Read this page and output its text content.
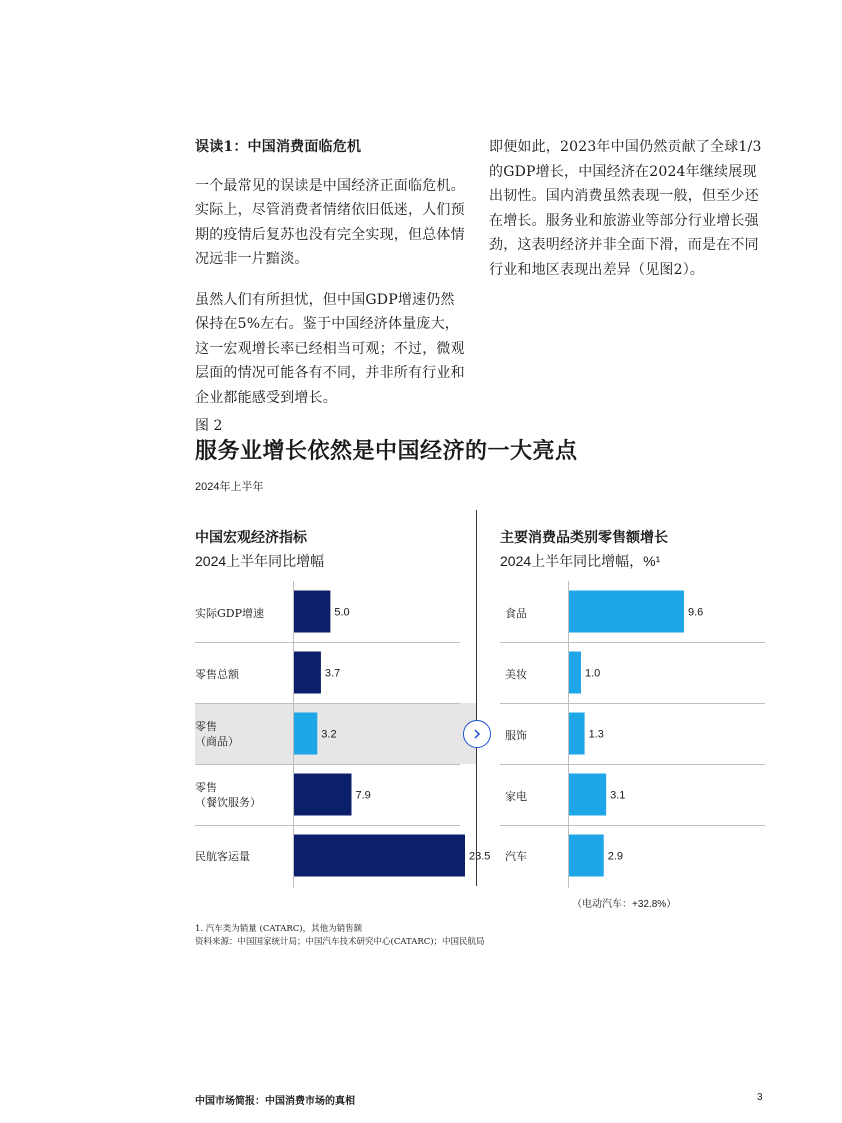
误读1：中国消费面临危机

一个最常见的误读是中国经济正面临危机。实际上，尽管消费者情绪依旧低迷，人们预期的疫情后复苏也没有完全实现，但总体情况远非一片黯淡。

虽然人们有所担忧，但中国GDP增速仍然保持在5%左右。鉴于中国经济体量庞大，这一宏观增长率已经相当可观；不过，微观层面的情况可能各有不同，并非所有行业和企业都能感受到增长。

即便如此，2023年中国仍然贡献了全球1/3的GDP增长，中国经济在2024年继续展现出韧性。国内消费虽然表现一般，但至少还在增长。服务业和旅游业等部分行业增长强劲，这表明经济并非全面下滑，而是在不同行业和地区表现出差异（见图2）。

图 2
服务业增长依然是中国经济的一大亮点
2024年上半年
中国宏观经济指标
2024上半年同比增幅
主要消费品类别零售额增长
2024上半年同比增幅，%¹
5.0
3.7
3.2
7.9
23.5
9.6
1.0
1.3
3.1
2.9
实际GDP增速
零售总额
零售
（商品）
零售
（餐饮服务）
民航客运量
食品
美妆
服饰
家电
汽车
（电动汽车：+32.8%）
1. 汽车类为销量 (CATARC)，其他为销售额
资料来源：中国国家统计局；中国汽车技术研究中心(CATARC)；中国民航局
中国市场简报：中国消费市场的真相	3
